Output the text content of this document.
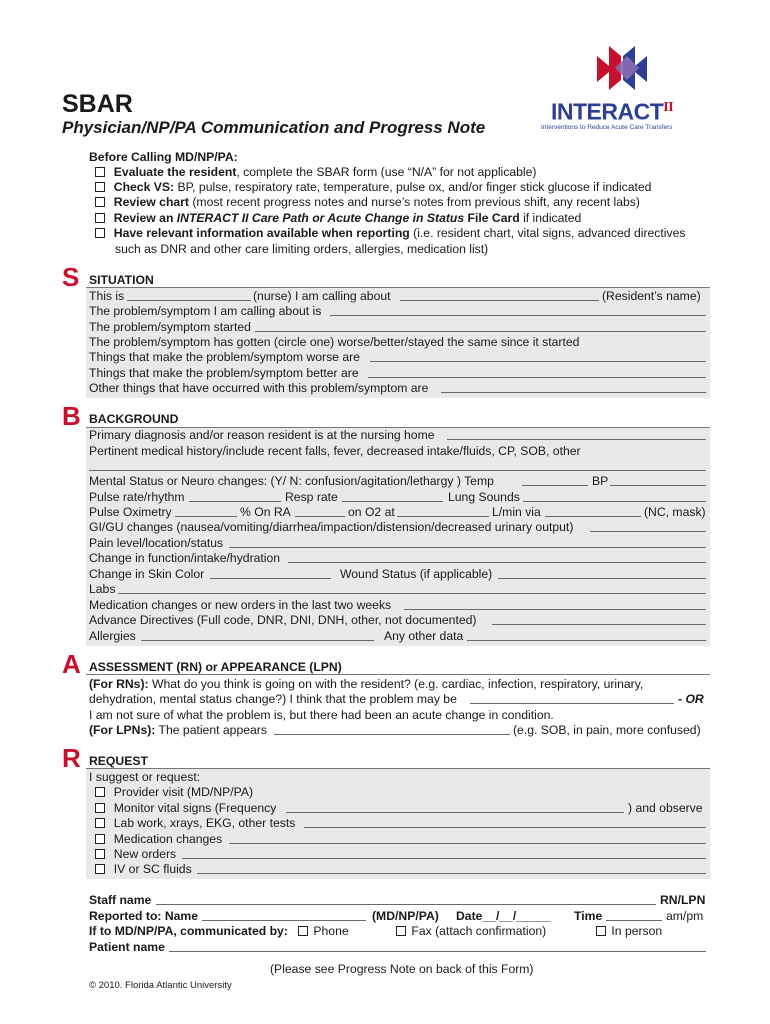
SBAR
Physician/NP/PA Communication and Progress Note
$INTERACT^{II}$
Interventions to Reduce Acute Care Transfers
Before Calling MD/NP/PA:
Evaluate the resident, complete the SBAR form (use “N/A” for not applicable)
Check VS: BP, pulse, respiratory rate, temperature, pulse ox, and/or finger stick glucose if indicated
Review chart (most recent progress notes and nurse’s notes from previous shift, any recent labs)
Review an INTERACT II Care Path or Acute Change in Status File Card if indicated
Have relevant information available when reporting (i.e. resident chart, vital signs, advanced directives
such as DNR and other care limiting orders, allergies, medication list)
S SITUATION
This is	(nurse) I am calling about	(Resident’s name)
The problem/symptom I am calling about is
The problem/symptom started
The problem/symptom has gotten (circle one) worse/better/stayed the same since it started
Things that make the problem/symptom worse are
Things that make the problem/symptom better are
Other things that have occurred with this problem/symptom are
B BACKGROUND
Primary diagnosis and/or reason resident is at the nursing home
Pertinent medical history/include recent falls, fever, decreased intake/fluids, CP, SOB, other
Mental Status or Neuro changes: (Y/ N: confusion/agitation/lethargy ) Temp	BP
Pulse rate/rhythm	Resp rate	Lung Sounds
Pulse Oximetry	% On RA	on O2 at	L/min via	(NC, mask)
GI/GU changes (nausea/vomiting/diarrhea/impaction/distension/decreased urinary output)
Pain level/location/status
Change in function/intake/hydration
Change in Skin Color	Wound Status (if applicable)
Labs
Medication changes or new orders in the last two weeks
Advance Directives (Full code, DNR, DNI, DNH, other, not documented)
Allergies	Any other data
A ASSESSMENT (RN) or APPEARANCE (LPN)
(For RNs): What do you think is going on with the resident? (e.g. cardiac, infection, respiratory, urinary,
dehydration, mental status change?) I think that the problem may be	- OR
I am not sure of what the problem is, but there had been an acute change in condition.
(For LPNs): The patient appears	(e.g. SOB, in pain, more confused)
R REQUEST
I suggest or request:
Provider visit (MD/NP/PA)
Monitor vital signs (Frequency	) and observe
Lab work, xrays, EKG, other tests
Medication changes
New orders
IV or SC fluids
Staff name	RN/LPN
Reported to: Name	(MD/NP/PA) Date__/__/_____ Time	am/pm
If to MD/NP/PA, communicated by:	Phone	Fax (attach confirmation)	In person
Patient name
(Please see Progress Note on back of this Form)
© 2010. Florida Atlantic University
